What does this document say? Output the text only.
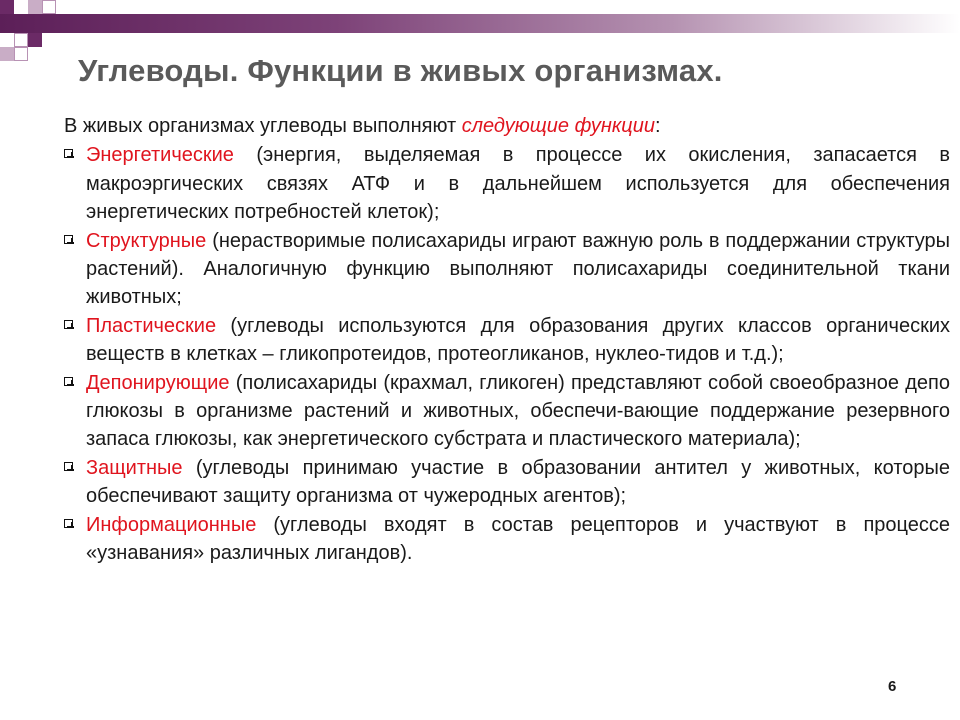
Углеводы. Функции в живых организмах.

В живых организмах углеводы выполняют следующие функции:

Энергетические (энергия, выделяемая в процессе их окисления, запасается в макроэргических связях АТФ и в дальнейшем используется для обеспечения энергетических потребностей клеток);
Структурные (нерастворимые полисахариды играют важную роль в поддержании структуры растений). Аналогичную функцию выполняют полисахариды соединительной ткани животных;
Пластические (углеводы используются для образования других классов органических веществ в клетках – гликопротеидов, протеогликанов, нуклео-тидов и т.д.);
Депонирующие (полисахариды (крахмал, гликоген) представляют собой своеобразное депо глюкозы в организме растений и животных, обеспечи-вающие поддержание резервного запаса глюкозы, как энергетического субстрата и пластического материала);
Защитные (углеводы принимаю участие в образовании антител у животных, которые обеспечивают защиту организма от чужеродных агентов);
Информационные (углеводы входят в состав рецепторов и участвуют в процессе «узнавания» различных лигандов).
6
